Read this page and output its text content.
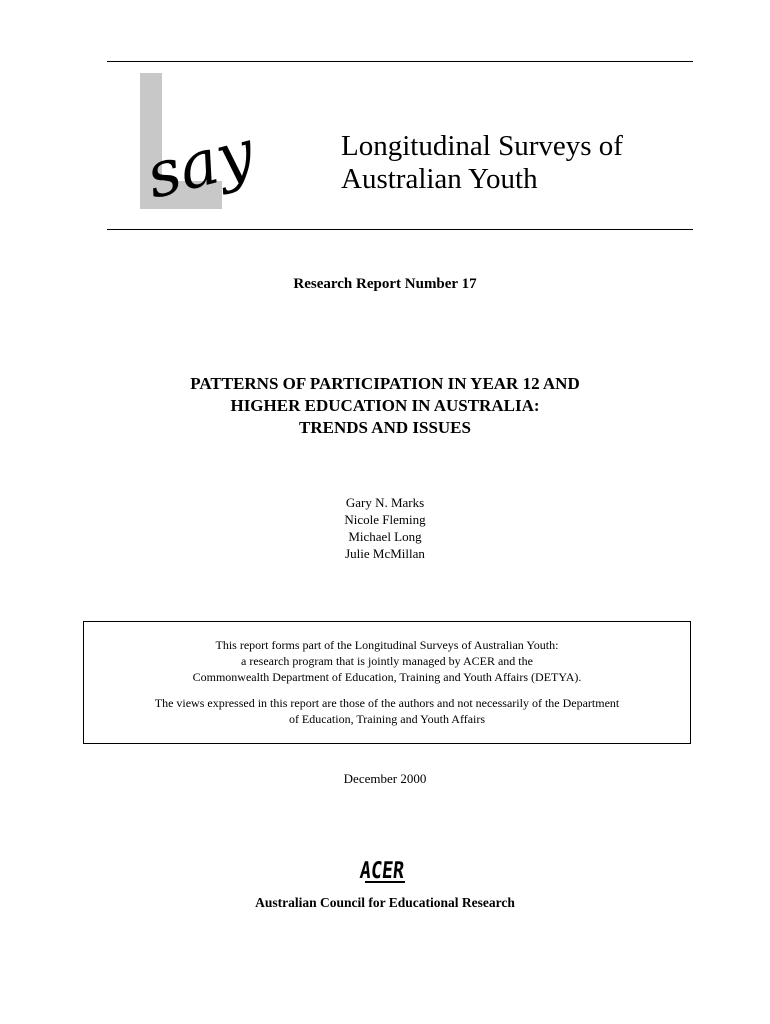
say	Longitudinal Surveys of
Australian Youth
Research Report Number 17
PATTERNS OF PARTICIPATION IN YEAR 12 AND
HIGHER EDUCATION IN AUSTRALIA:
TRENDS AND ISSUES
Gary N. Marks
Nicole Fleming
Michael Long
Julie McMillan
This report forms part of the Longitudinal Surveys of Australian Youth:
a research program that is jointly managed by ACER and the
Commonwealth Department of Education, Training and Youth Affairs (DETYA).
The views expressed in this report are those of the authors and not necessarily of the Department
of Education, Training and Youth Affairs
December 2000
ACER
Australian Council for Educational Research
